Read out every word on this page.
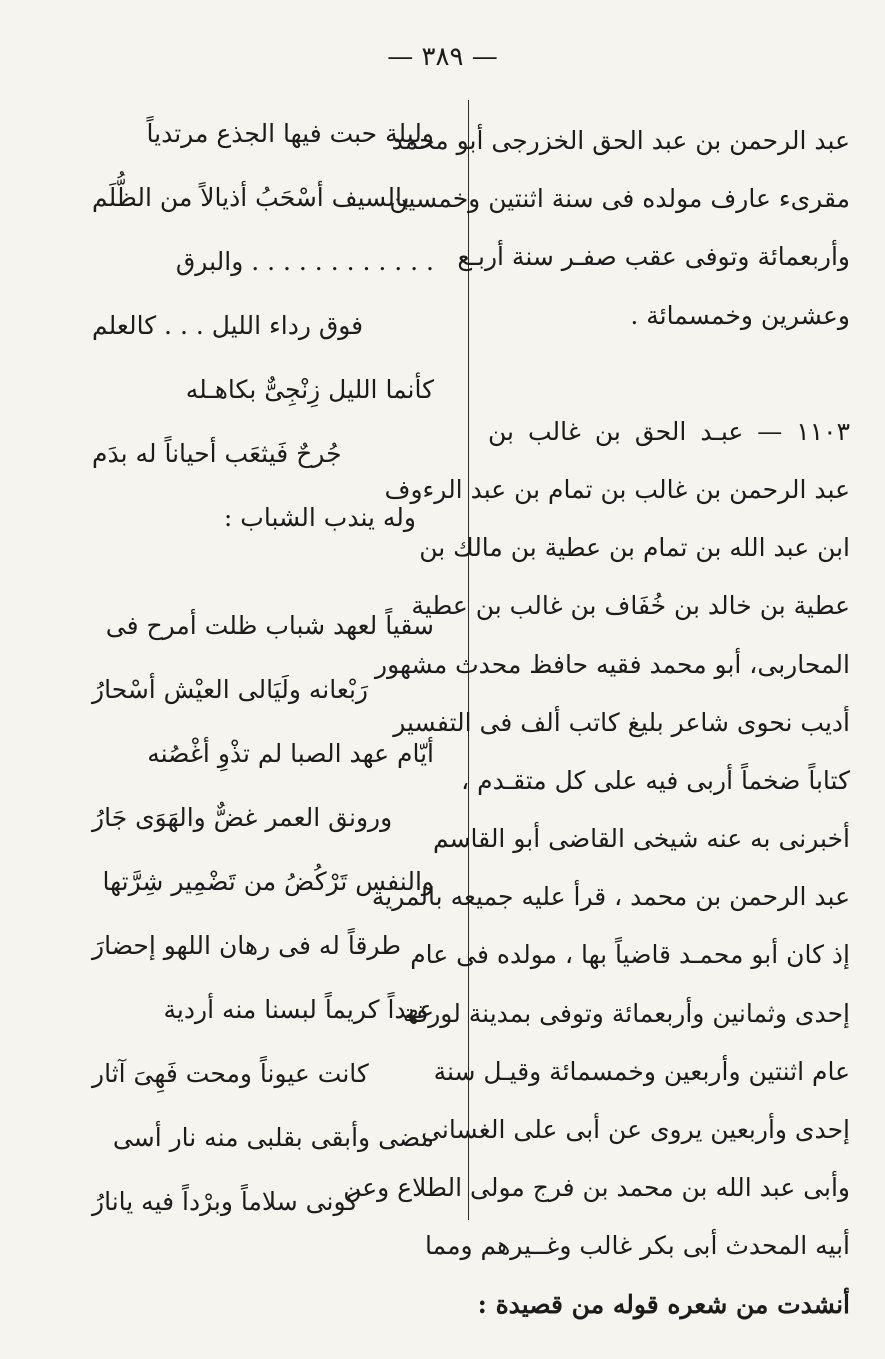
— ٣٨٩ —
عبد الرحمن بن عبد الحق الخزرجى أبو محمد
مقرىء عارف مولده فى سنة اثنتين وخمسين
وأربعمائة وتوفى عقب صفـر سنة أربـع
وعشرين وخمسمائة .
١١٠٣ — عبـد الحق بن غالب بن
عبد الرحمن بن غالب بن تمام بن عبد الرءوف
ابن عبد الله بن تمام بن عطية بن مالك بن
عطية بن خالد بن خُفَاف بن غالب بن عطية
المحاربى، أبو محمد فقيه حافظ محدث مشهور
أديب نحوى شاعر بليغ كاتب ألف فى التفسير
كتاباً ضخماً أربى فيه على كل متقـدم ،
أخبرنى به عنه شيخى القاضى أبو القاسم
عبد الرحمن بن محمد ، قرأ عليه جميعه بالمرية
إذ كان أبو محمـد قاضياً بها ، مولده فى عام
إحدى وثمانين وأربعمائة وتوفى بمدينة لورقة
عام اثنتين وأربعين وخمسمائة وقيـل سنة
إحدى وأربعين يروى عن أبى على الغسانى
وأبى عبد الله بن محمد بن فرج مولى الطلاع وعن
أبيه المحدث أبى بكر غالب وغــيرهم ومما
أنشدت من شعره قوله من قصيدة :
وليلة حبت فيها الجذع مرتدياً
بالسيف أسْحَبُ أذيالاً من الظُّلَم
. . . . . . . . . . . . والبرق
فوق رداء الليل . . . كالعلم
كأنما الليل زِنْجِىٌّ بكاهـله
جُرحٌ فَيثعَب أحياناً له بدَم
وله يندب الشباب :
سقياً لعهد شباب ظلت أمرح فى
رَبْعانه ولَيَالى العيْش أسْحارُ
أيّام عهد الصبا لم تذْوِ أغْصُنه
ورونق العمر غضٌّ والهَوَى جَارُ
والنفس تَرْكُضُ من تَضْمِير شِرَّتها
طرقاً له فى رهان اللهو إحضارَ
عهداً كريماً لبسنا منه أردية
كانت عيوناً ومحت فَهِىَ آثار
مضى وأبقى بقلبى منه نار أسى
كونى سلاماً وبرْداً فيه يانارُ
